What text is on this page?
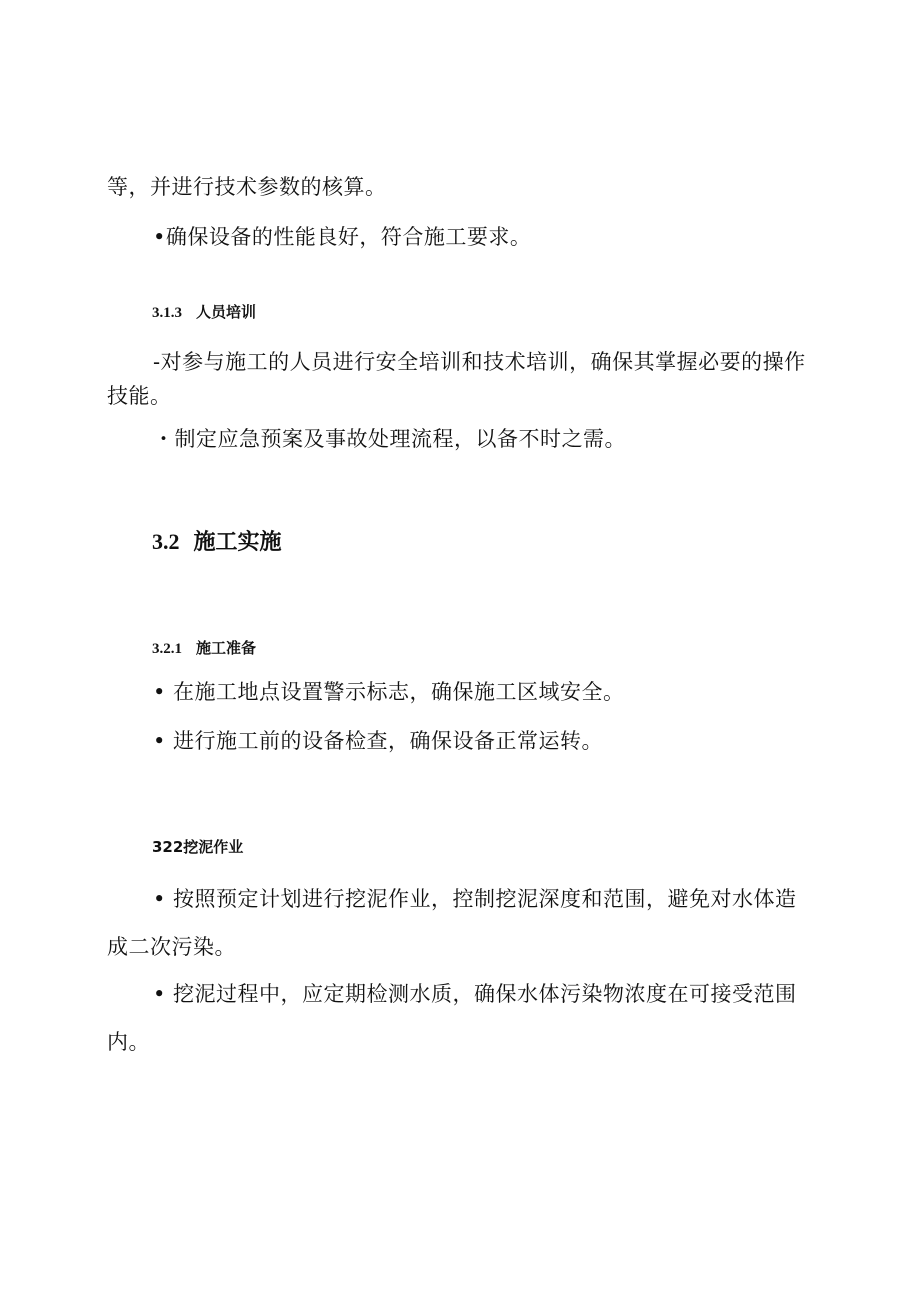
等，并进行技术参数的核算。

•确保设备的性能良好，符合施工要求。

3.1.3 人员培训

-对参与施工的人员进行安全培训和技术培训，确保其掌握必要的操作技能。

・制定应急预案及事故处理流程，以备不时之需。

3.2 施工实施
3.2.1 施工准备

• 在施工地点设置警示标志，确保施工区域安全。

• 进行施工前的设备检查，确保设备正常运转。

322挖泥作业

• 按照预定计划进行挖泥作业，控制挖泥深度和范围，避免对水体造成二次污染。

• 挖泥过程中，应定期检测水质，确保水体污染物浓度在可接受范围内。
